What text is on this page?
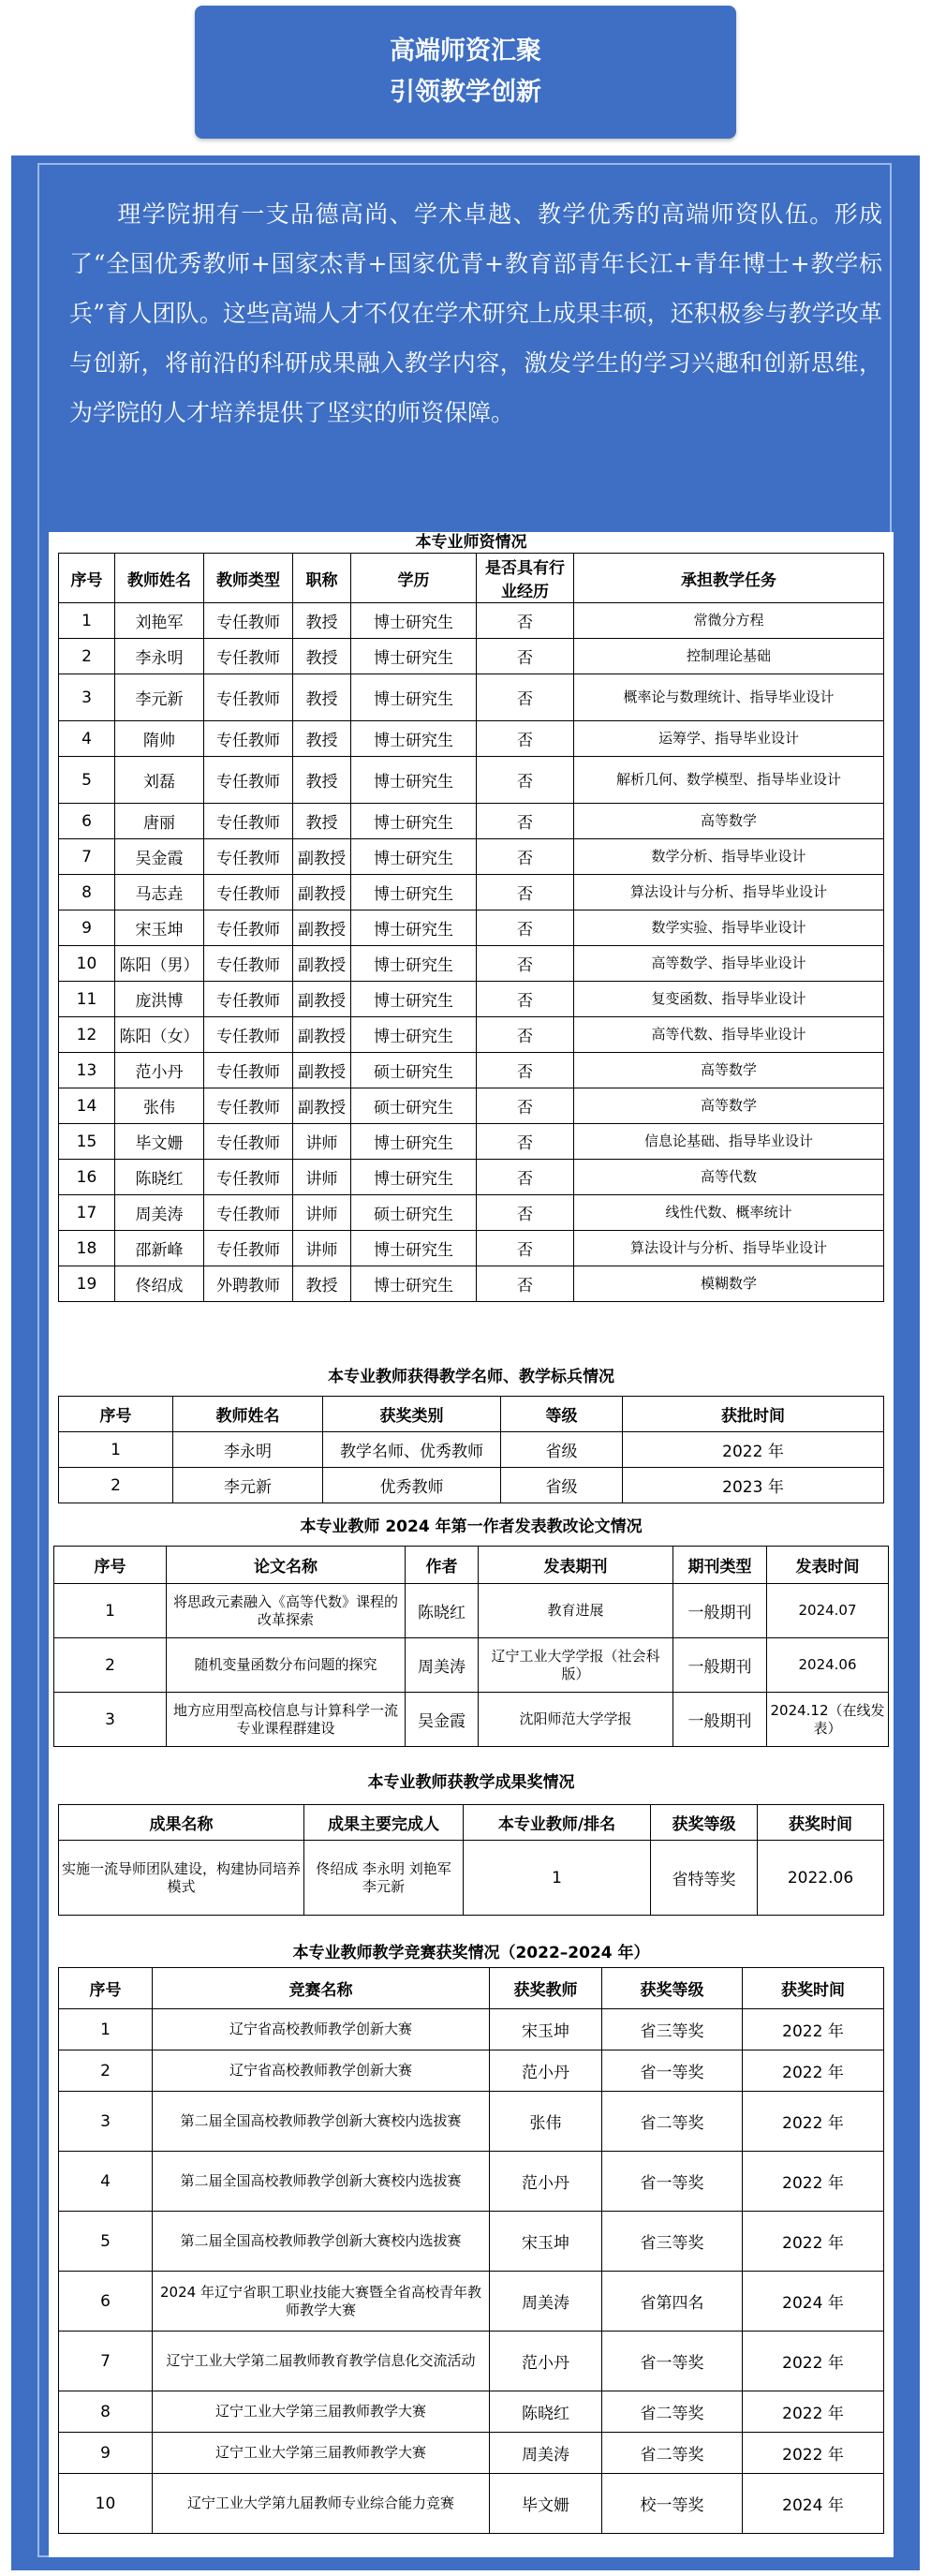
高端师资汇聚
引领教学创新

理学院拥有一支品德高尚、学术卓越、教学优秀的高端师资队伍。形成了“全国优秀教师+国家杰青+国家优青+教育部青年长江+青年博士+教学标兵”育人团队。这些高端人才不仅在学术研究上成果丰硕，还积极参与教学改革与创新，将前沿的科研成果融入教学内容，激发学生的学习兴趣和创新思维，为学院的人才培养提供了坚实的师资保障。

本专业师资情况
序号	教师姓名	教师类型	职称	学历	是否具有行业经历	承担教学任务
1	刘艳军	专任教师	教授	博士研究生	否	常微分方程
2	李永明	专任教师	教授	博士研究生	否	控制理论基础
3	李元新	专任教师	教授	博士研究生	否	概率论与数理统计、指导毕业设计
4	隋帅	专任教师	教授	博士研究生	否	运筹学、指导毕业设计
5	刘磊	专任教师	教授	博士研究生	否	解析几何、数学模型、指导毕业设计
6	唐丽	专任教师	教授	博士研究生	否	高等数学
7	吴金霞	专任教师	副教授	博士研究生	否	数学分析、指导毕业设计
8	马志垚	专任教师	副教授	博士研究生	否	算法设计与分析、指导毕业设计
9	宋玉坤	专任教师	副教授	博士研究生	否	数学实验、指导毕业设计
10	陈阳（男）	专任教师	副教授	博士研究生	否	高等数学、指导毕业设计
11	庞洪博	专任教师	副教授	博士研究生	否	复变函数、指导毕业设计
12	陈阳（女）	专任教师	副教授	博士研究生	否	高等代数、指导毕业设计
13	范小丹	专任教师	副教授	硕士研究生	否	高等数学
14	张伟	专任教师	副教授	硕士研究生	否	高等数学
15	毕文姗	专任教师	讲师	博士研究生	否	信息论基础、指导毕业设计
16	陈晓红	专任教师	讲师	博士研究生	否	高等代数
17	周美涛	专任教师	讲师	硕士研究生	否	线性代数、概率统计
18	邵新峰	专任教师	讲师	博士研究生	否	算法设计与分析、指导毕业设计
19	佟绍成	外聘教师	教授	博士研究生	否	模糊数学
本专业教师获得教学名师、教学标兵情况
序号	教师姓名	获奖类别	等级	获批时间
1	李永明	教学名师、优秀教师	省级	2022 年
2	李元新	优秀教师	省级	2023 年
本专业教师 2024 年第一作者发表教改论文情况
序号	论文名称	作者	发表期刊	期刊类型	发表时间
1	将思政元素融入《高等代数》课程的改革探索	陈晓红	教育进展	一般期刊	2024.07
2	随机变量函数分布问题的探究	周美涛	辽宁工业大学学报（社会科版）	一般期刊	2024.06
3	地方应用型高校信息与计算科学一流专业课程群建设	吴金霞	沈阳师范大学学报	一般期刊	2024.12（在线发表）
本专业教师获教学成果奖情况
成果名称	成果主要完成人	本专业教师/排名	获奖等级	获奖时间
实施一流导师团队建设，构建协同培养模式	佟绍成 李永明 刘艳军 李元新	1	省特等奖	2022.06
本专业教师教学竞赛获奖情况（2022–2024 年）
序号	竞赛名称	获奖教师	获奖等级	获奖时间
1	辽宁省高校教师教学创新大赛	宋玉坤	省三等奖	2022 年
2	辽宁省高校教师教学创新大赛	范小丹	省一等奖	2022 年
3	第二届全国高校教师教学创新大赛校内选拔赛	张伟	省二等奖	2022 年
4	第二届全国高校教师教学创新大赛校内选拔赛	范小丹	省一等奖	2022 年
5	第二届全国高校教师教学创新大赛校内选拔赛	宋玉坤	省三等奖	2022 年
6	2024 年辽宁省职工职业技能大赛暨全省高校青年教师教学大赛	周美涛	省第四名	2024 年
7	辽宁工业大学第二届教师教育教学信息化交流活动	范小丹	省一等奖	2022 年
8	辽宁工业大学第三届教师教学大赛	陈晓红	省二等奖	2022 年
9	辽宁工业大学第三届教师教学大赛	周美涛	省二等奖	2022 年
10	辽宁工业大学第九届教师专业综合能力竞赛	毕文姗	校一等奖	2024 年
